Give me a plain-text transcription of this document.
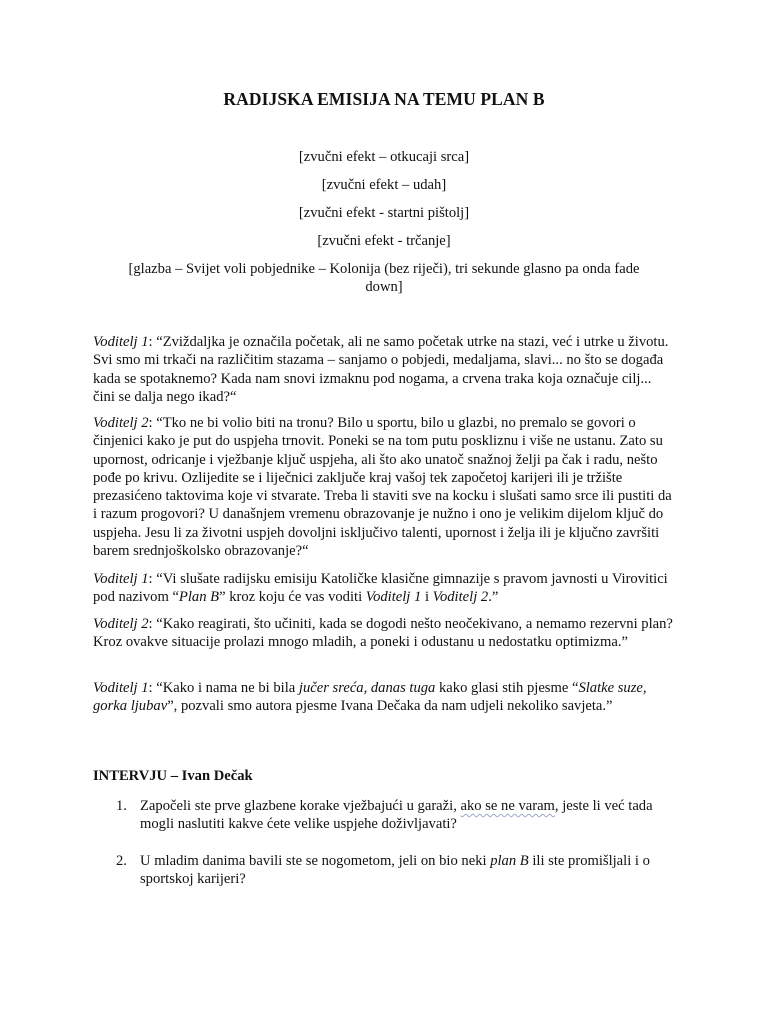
RADIJSKA EMISIJA NA TEMU PLAN B
[zvučni efekt – otkucaji srca]
[zvučni efekt – udah]
[zvučni efekt - startni pištolj]
[zvučni efekt - trčanje]
[glazba – Svijet voli pobjednike – Kolonija (bez riječi), tri sekunde glasno pa onda fade
down]
Voditelj 1: “Zviždaljka je označila početak, ali ne samo početak utrke na stazi, već i utrke u životu. Svi smo mi trkači na različitim stazama – sanjamo o pobjedi, medaljama, slavi... no što se događa kada se spotaknemo? Kada nam snovi izmaknu pod nogama, a crvena traka koja označuje cilj... čini se dalja nego ikad?“
Voditelj 2: “Tko ne bi volio biti na tronu? Bilo u sportu, bilo u glazbi, no premalo se govori o činjenici kako je put do uspjeha trnovit. Poneki se na tom putu poskliznu i više ne ustanu. Zato su upornost, odricanje i vježbanje ključ uspjeha, ali što ako unatoč snažnoj želji pa čak i radu, nešto pođe po krivu. Ozlijedite se i liječnici zaključe kraj vašoj tek započetoj karijeri ili je tržište prezasićeno taktovima koje vi stvarate. Treba li staviti sve na kocku i slušati samo srce ili pustiti da i razum progovori? U današnjem vremenu obrazovanje je nužno i ono je velikim dijelom ključ do uspjeha. Jesu li za životni uspjeh dovoljni isključivo talenti, upornost i želja ili je ključno završiti barem srednjoškolsko obrazovanje?“
Voditelj 1: “Vi slušate radijsku emisiju Katoličke klasične gimnazije s pravom javnosti u Virovitici pod nazivom “Plan B” kroz koju će vas voditi Voditelj 1 i Voditelj 2.”
Voditelj 2: “Kako reagirati, što učiniti, kada se dogodi nešto neočekivano, a nemamo rezervni plan? Kroz ovakve situacije prolazi mnogo mladih, a poneki i odustanu u nedostatku optimizma.”
Voditelj 1: “Kako i nama ne bi bila jučer sreća, danas tuga kako glasi stih pjesme “Slatke suze, gorka ljubav”, pozvali smo autora pjesme Ivana Dečaka da nam udjeli nekoliko savjeta.”
INTERVJU – Ivan Dečak
1. Započeli ste prve glazbene korake vježbajući u garaži, ako se ne varam, jeste li već tada mogli naslutiti kakve ćete velike uspjehe doživljavati?
2. U mladim danima bavili ste se nogometom, jeli on bio neki plan B ili ste promišljali i o sportskoj karijeri?
